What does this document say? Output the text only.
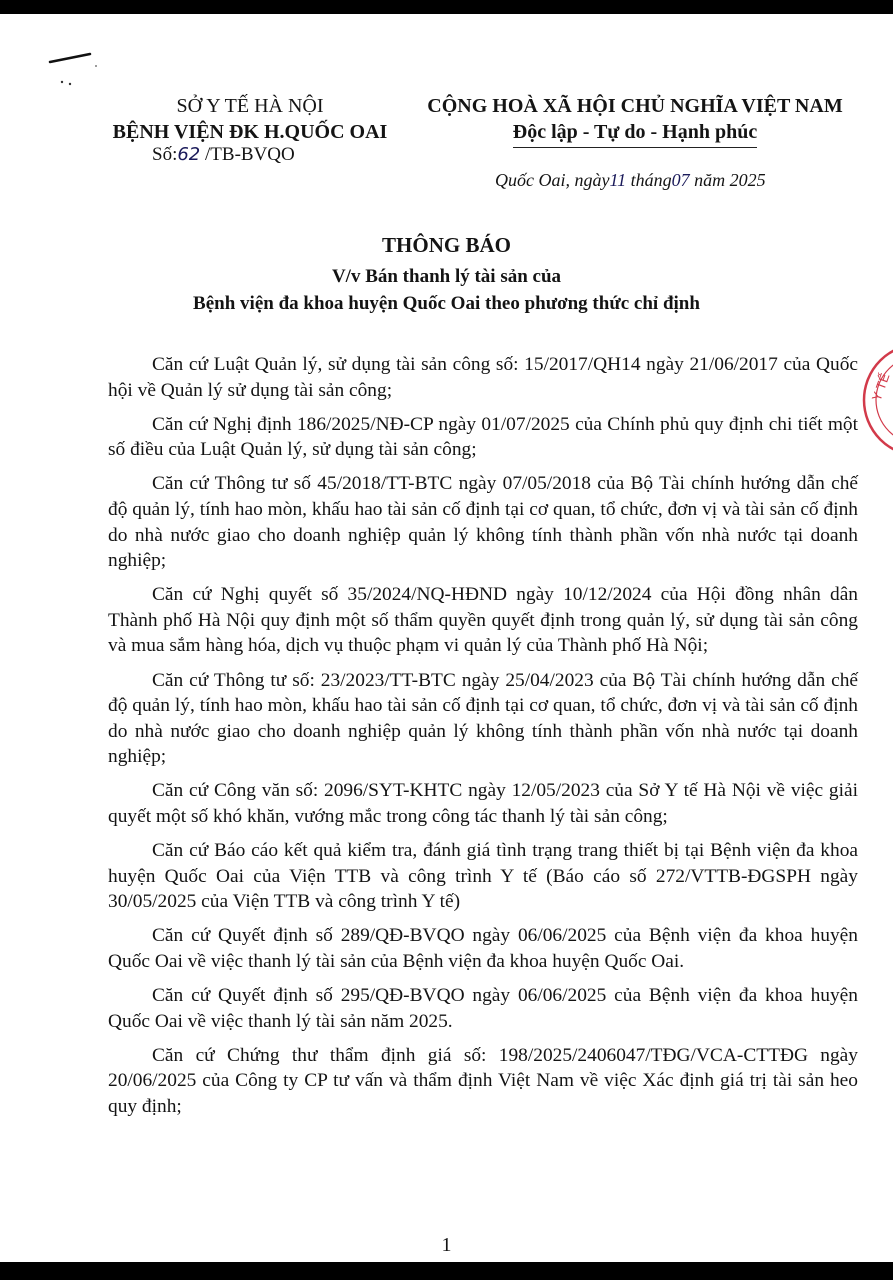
SỞ Y TẾ HÀ NỘI
BỆNH VIỆN ĐK H.QUỐC OAI
Số:62 /TB-BVQO
CỘNG HOÀ XÃ HỘI CHỦ NGHĨA VIỆT NAM
Độc lập - Tự do - Hạnh phúc
Quốc Oai, ngày11 tháng07 năm 2025
THÔNG BÁO
V/v Bán thanh lý tài sản của
Bệnh viện đa khoa huyện Quốc Oai theo phương thức chỉ định

Căn cứ Luật Quản lý, sử dụng tài sản công số: 15/2017/QH14 ngày 21/06/2017 của Quốc hội về Quản lý sử dụng tài sản công;

Căn cứ Nghị định 186/2025/NĐ-CP ngày 01/07/2025 của Chính phủ quy định chi tiết một số điều của Luật Quản lý, sử dụng tài sản công;

Căn cứ Thông tư số 45/2018/TT-BTC ngày 07/05/2018 của Bộ Tài chính hướng dẫn chế độ quản lý, tính hao mòn, khấu hao tài sản cố định tại cơ quan, tổ chức, đơn vị và tài sản cố định do nhà nước giao cho doanh nghiệp quản lý không tính thành phần vốn nhà nước tại doanh nghiệp;

Căn cứ Nghị quyết số 35/2024/NQ-HĐND ngày 10/12/2024 của Hội đồng nhân dân Thành phố Hà Nội quy định một số thẩm quyền quyết định trong quản lý, sử dụng tài sản công và mua sắm hàng hóa, dịch vụ thuộc phạm vi quản lý của Thành phố Hà Nội;

Căn cứ Thông tư số: 23/2023/TT-BTC ngày 25/04/2023 của Bộ Tài chính hướng dẫn chế độ quản lý, tính hao mòn, khấu hao tài sản cố định tại cơ quan, tổ chức, đơn vị và tài sản cố định do nhà nước giao cho doanh nghiệp quản lý không tính thành phần vốn nhà nước tại doanh nghiệp;

Căn cứ Công văn số: 2096/SYT-KHTC ngày 12/05/2023 của Sở Y tế Hà Nội về việc giải quyết một số khó khăn, vướng mắc trong công tác thanh lý tài sản công;

Căn cứ Báo cáo kết quả kiểm tra, đánh giá tình trạng trang thiết bị tại Bệnh viện đa khoa huyện Quốc Oai của Viện TTB và công trình Y tế (Báo cáo số 272/VTTB-ĐGSPH ngày 30/05/2025 của Viện TTB và công trình Y tế)

Căn cứ Quyết định số 289/QĐ-BVQO ngày 06/06/2025 của Bệnh viện đa khoa huyện Quốc Oai về việc thanh lý tài sản của Bệnh viện đa khoa huyện Quốc Oai.

Căn cứ Quyết định số 295/QĐ-BVQO ngày 06/06/2025 của Bệnh viện đa khoa huyện Quốc Oai về việc thanh lý tài sản năm 2025.

Căn cứ Chứng thư thẩm định giá số: 198/2025/2406047/TĐG/VCA-CTTĐG ngày 20/06/2025 của Công ty CP tư vấn và thẩm định Việt Nam về việc Xác định giá trị tài sản heo quy định;

Y TẾ
1
